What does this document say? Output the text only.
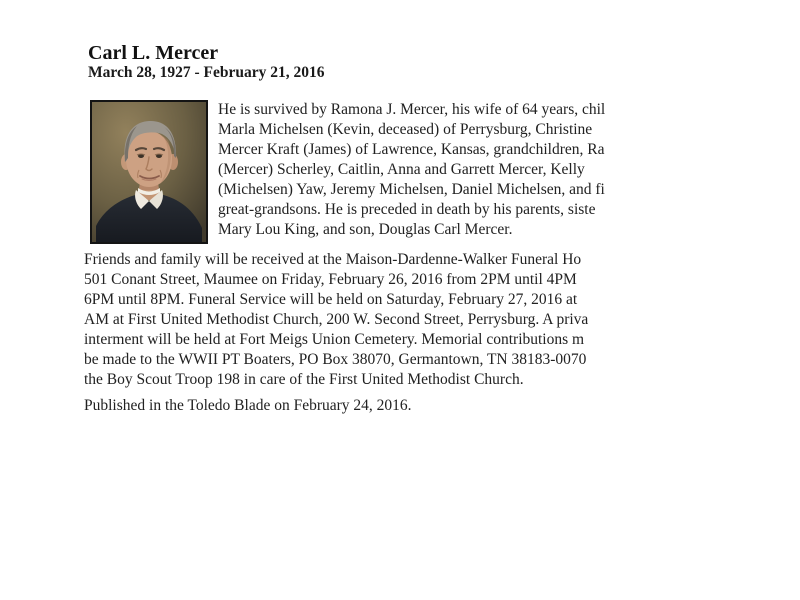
Carl L. Mercer
March 28, 1927 - February 21, 2016
He is survived by Ramona J. Mercer, his wife of 64 years, chil
Marla Michelsen (Kevin, deceased) of Perrysburg, Christine
Mercer Kraft (James) of Lawrence, Kansas, grandchildren, Ra
(Mercer) Scherley, Caitlin, Anna and Garrett Mercer, Kelly
(Michelsen) Yaw, Jeremy Michelsen, Daniel Michelsen, and fi
great-grandsons. He is preceded in death by his parents, siste
Mary Lou King, and son, Douglas Carl Mercer.
Friends and family will be received at the Maison-Dardenne-Walker Funeral Ho
501 Conant Street, Maumee on Friday, February 26, 2016 from 2PM until 4PM
6PM until 8PM. Funeral Service will be held on Saturday, February 27, 2016 at
AM at First United Methodist Church, 200 W. Second Street, Perrysburg. A priva
interment will be held at Fort Meigs Union Cemetery. Memorial contributions m
be made to the WWII PT Boaters, PO Box 38070, Germantown, TN 38183-0070
the Boy Scout Troop 198 in care of the First United Methodist Church.
Published in the Toledo Blade on February 24, 2016.
